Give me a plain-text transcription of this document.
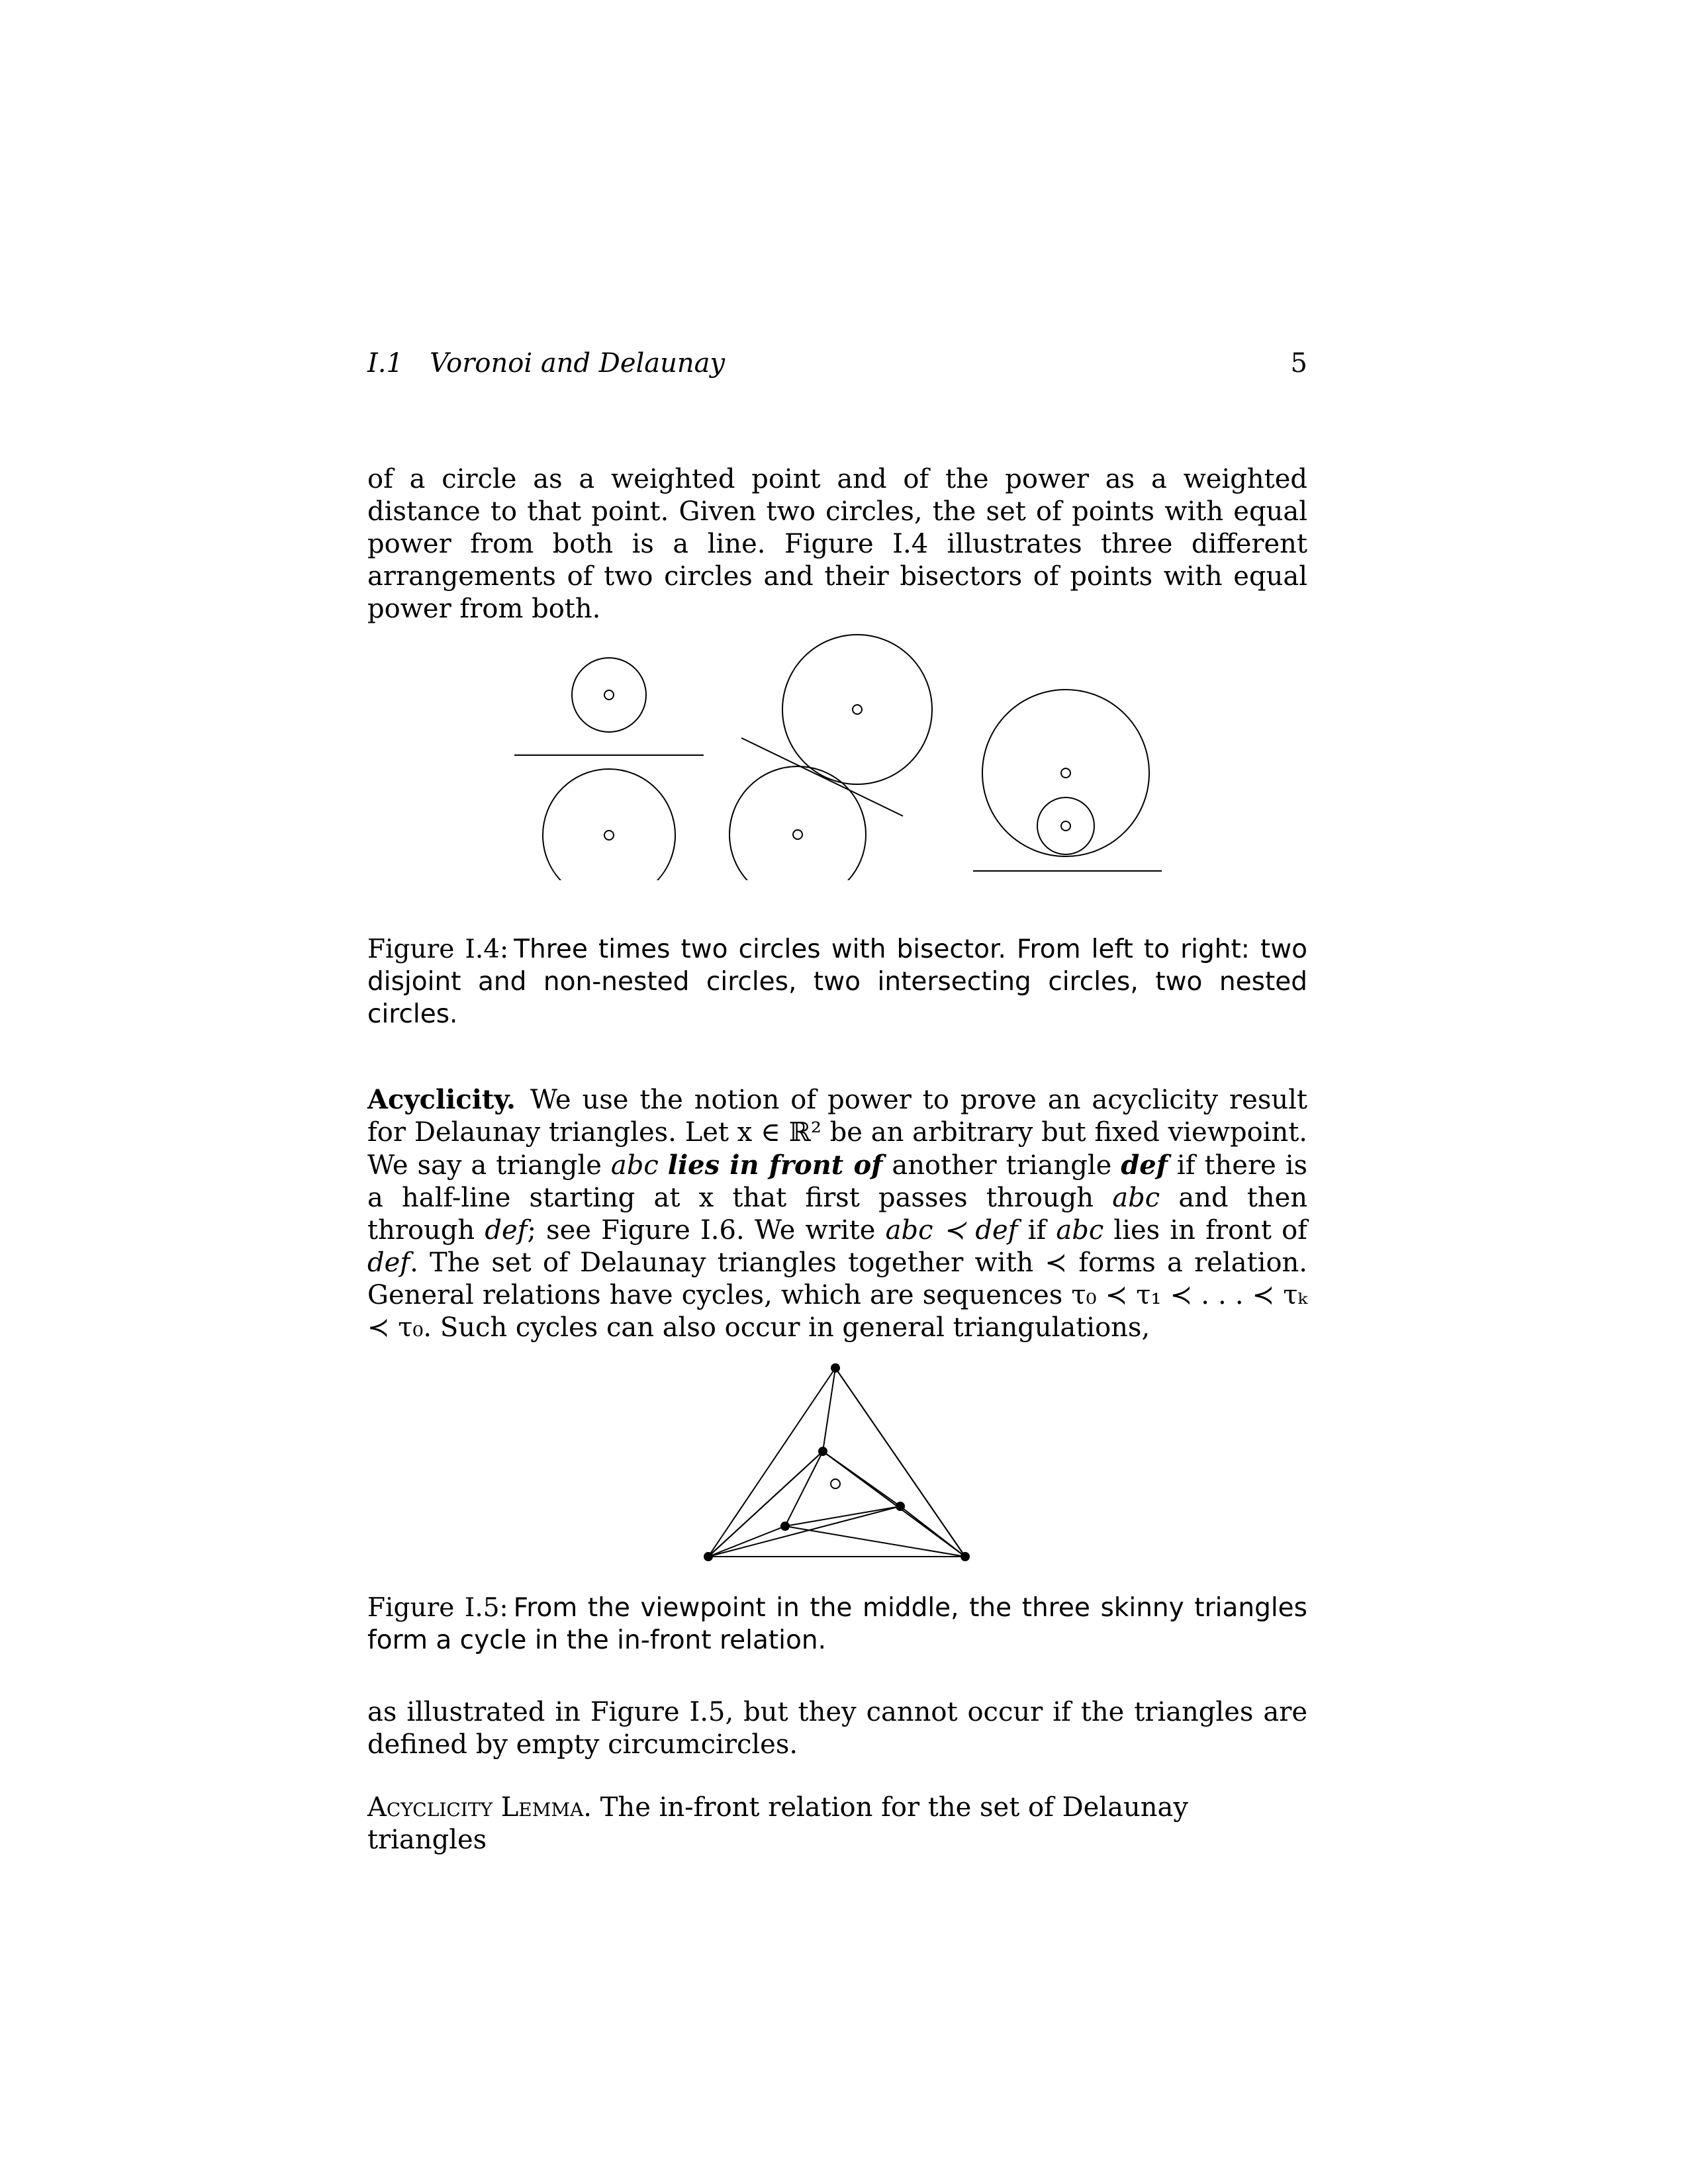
I.1 Voronoi and Delaunay	5
of a circle as a weighted point and of the power as a weighted distance to that point. Given two circles, the set of points with equal power from both is a line. Figure I.4 illustrates three different arrangements of two circles and their bisectors of points with equal power from both.
Figure I.4: Three times two circles with bisector. From left to right: two disjoint and non-nested circles, two intersecting circles, two nested circles.
Acyclicity. We use the notion of power to prove an acyclicity result for Delaunay triangles. Let x ∈ ℝ² be an arbitrary but fixed viewpoint. We say a triangle abc lies in front of another triangle def if there is a half-line starting at x that first passes through abc and then through def; see Figure I.6. We write abc ≺ def if abc lies in front of def. The set of Delaunay triangles together with ≺ forms a relation. General relations have cycles, which are sequences τ₀ ≺ τ₁ ≺ . . . ≺ τₖ ≺ τ₀. Such cycles can also occur in general triangulations,
Figure I.5: From the viewpoint in the middle, the three skinny triangles form a cycle in the in-front relation.
as illustrated in Figure I.5, but they cannot occur if the triangles are defined by empty circumcircles.
Acyclicity Lemma. The in-front relation for the set of Delaunay triangles
